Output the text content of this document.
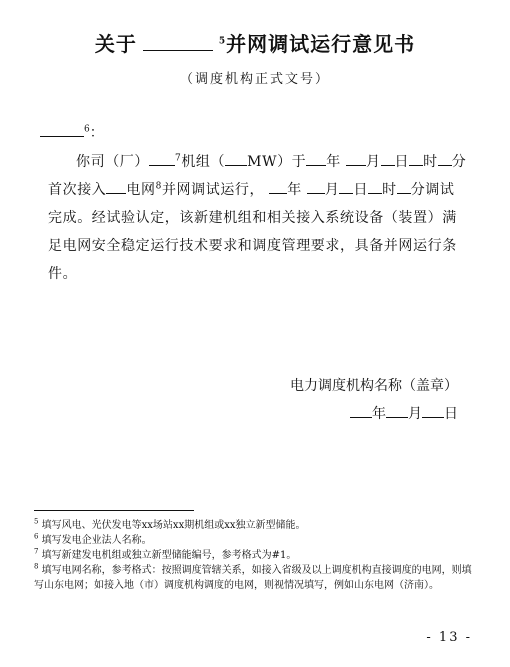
关于	$^5$并网调试运行意见书
（调度机构正式文号）
$^6$：

你司（厂）	$^7$机组（ MW）于 年 月 日 时 分首次接入 电网$^8$并网调试运行， 年 月 日 时 分调试完成。经试验认定，该新建机组和相关接入系统设备（装置）满足电网安全稳定运行技术要求和调度管理要求，具备并网运行条件。

电力调度机构名称（盖章）
年 月 日

$^5$ 填写风电、光伏发电等xx场站xx期机组或xx独立新型储能。

$^6$ 填写发电企业法人名称。

$^7$ 填写新建发电机组或独立新型储能编号，参考格式为#1。

$^8$ 填写电网名称，参考格式：按照调度管辖关系，如接入省级及以上调度机构直接调度的电网，则填写山东电网；如接入地（市）调度机构调度的电网，则视情况填写，例如山东电网（济南）。

- 13 -
